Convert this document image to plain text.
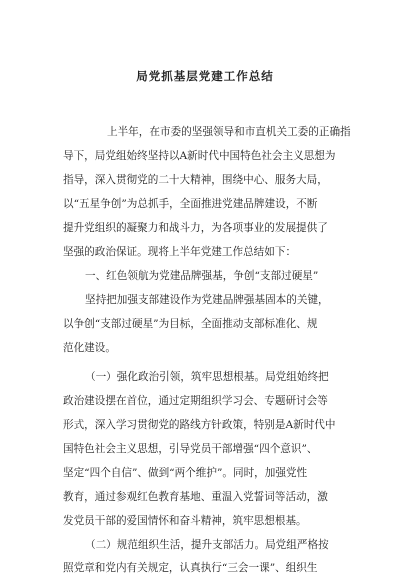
局党抓基层党建工作总结
上半年，在市委的坚强领导和市直机关工委的正确指
导下，局党组始终坚持以A新时代中国特色社会主义思想为
指导，深入贯彻党的二十大精神，围绕中心、服务大局，
以“五星争创”为总抓手，全面推进党建品牌建设，不断
提升党组织的凝聚力和战斗力，为各项事业的发展提供了
坚强的政治保证。现将上半年党建工作总结如下：
一、红色领航为党建品牌强基，争创“支部过硬星”
坚持把加强支部建设作为党建品牌强基固本的关键，
以争创“支部过硬星”为目标，全面推动支部标准化、规
范化建设。
（一）强化政治引领，筑牢思想根基。局党组始终把
政治建设摆在首位，通过定期组织学习会、专题研讨会等
形式，深入学习贯彻党的路线方针政策，特别是A新时代中
国特色社会主义思想，引导党员干部增强“四个意识”、
坚定“四个自信”、做到“两个维护”。同时，加强党性
教育，通过参观红色教育基地、重温入党誓词等活动，激
发党员干部的爱国情怀和奋斗精神，筑牢思想根基。
（二）规范组织生活，提升支部活力。局党组严格按
照党章和党内有关规定，认真执行“三会一课”、组织生
